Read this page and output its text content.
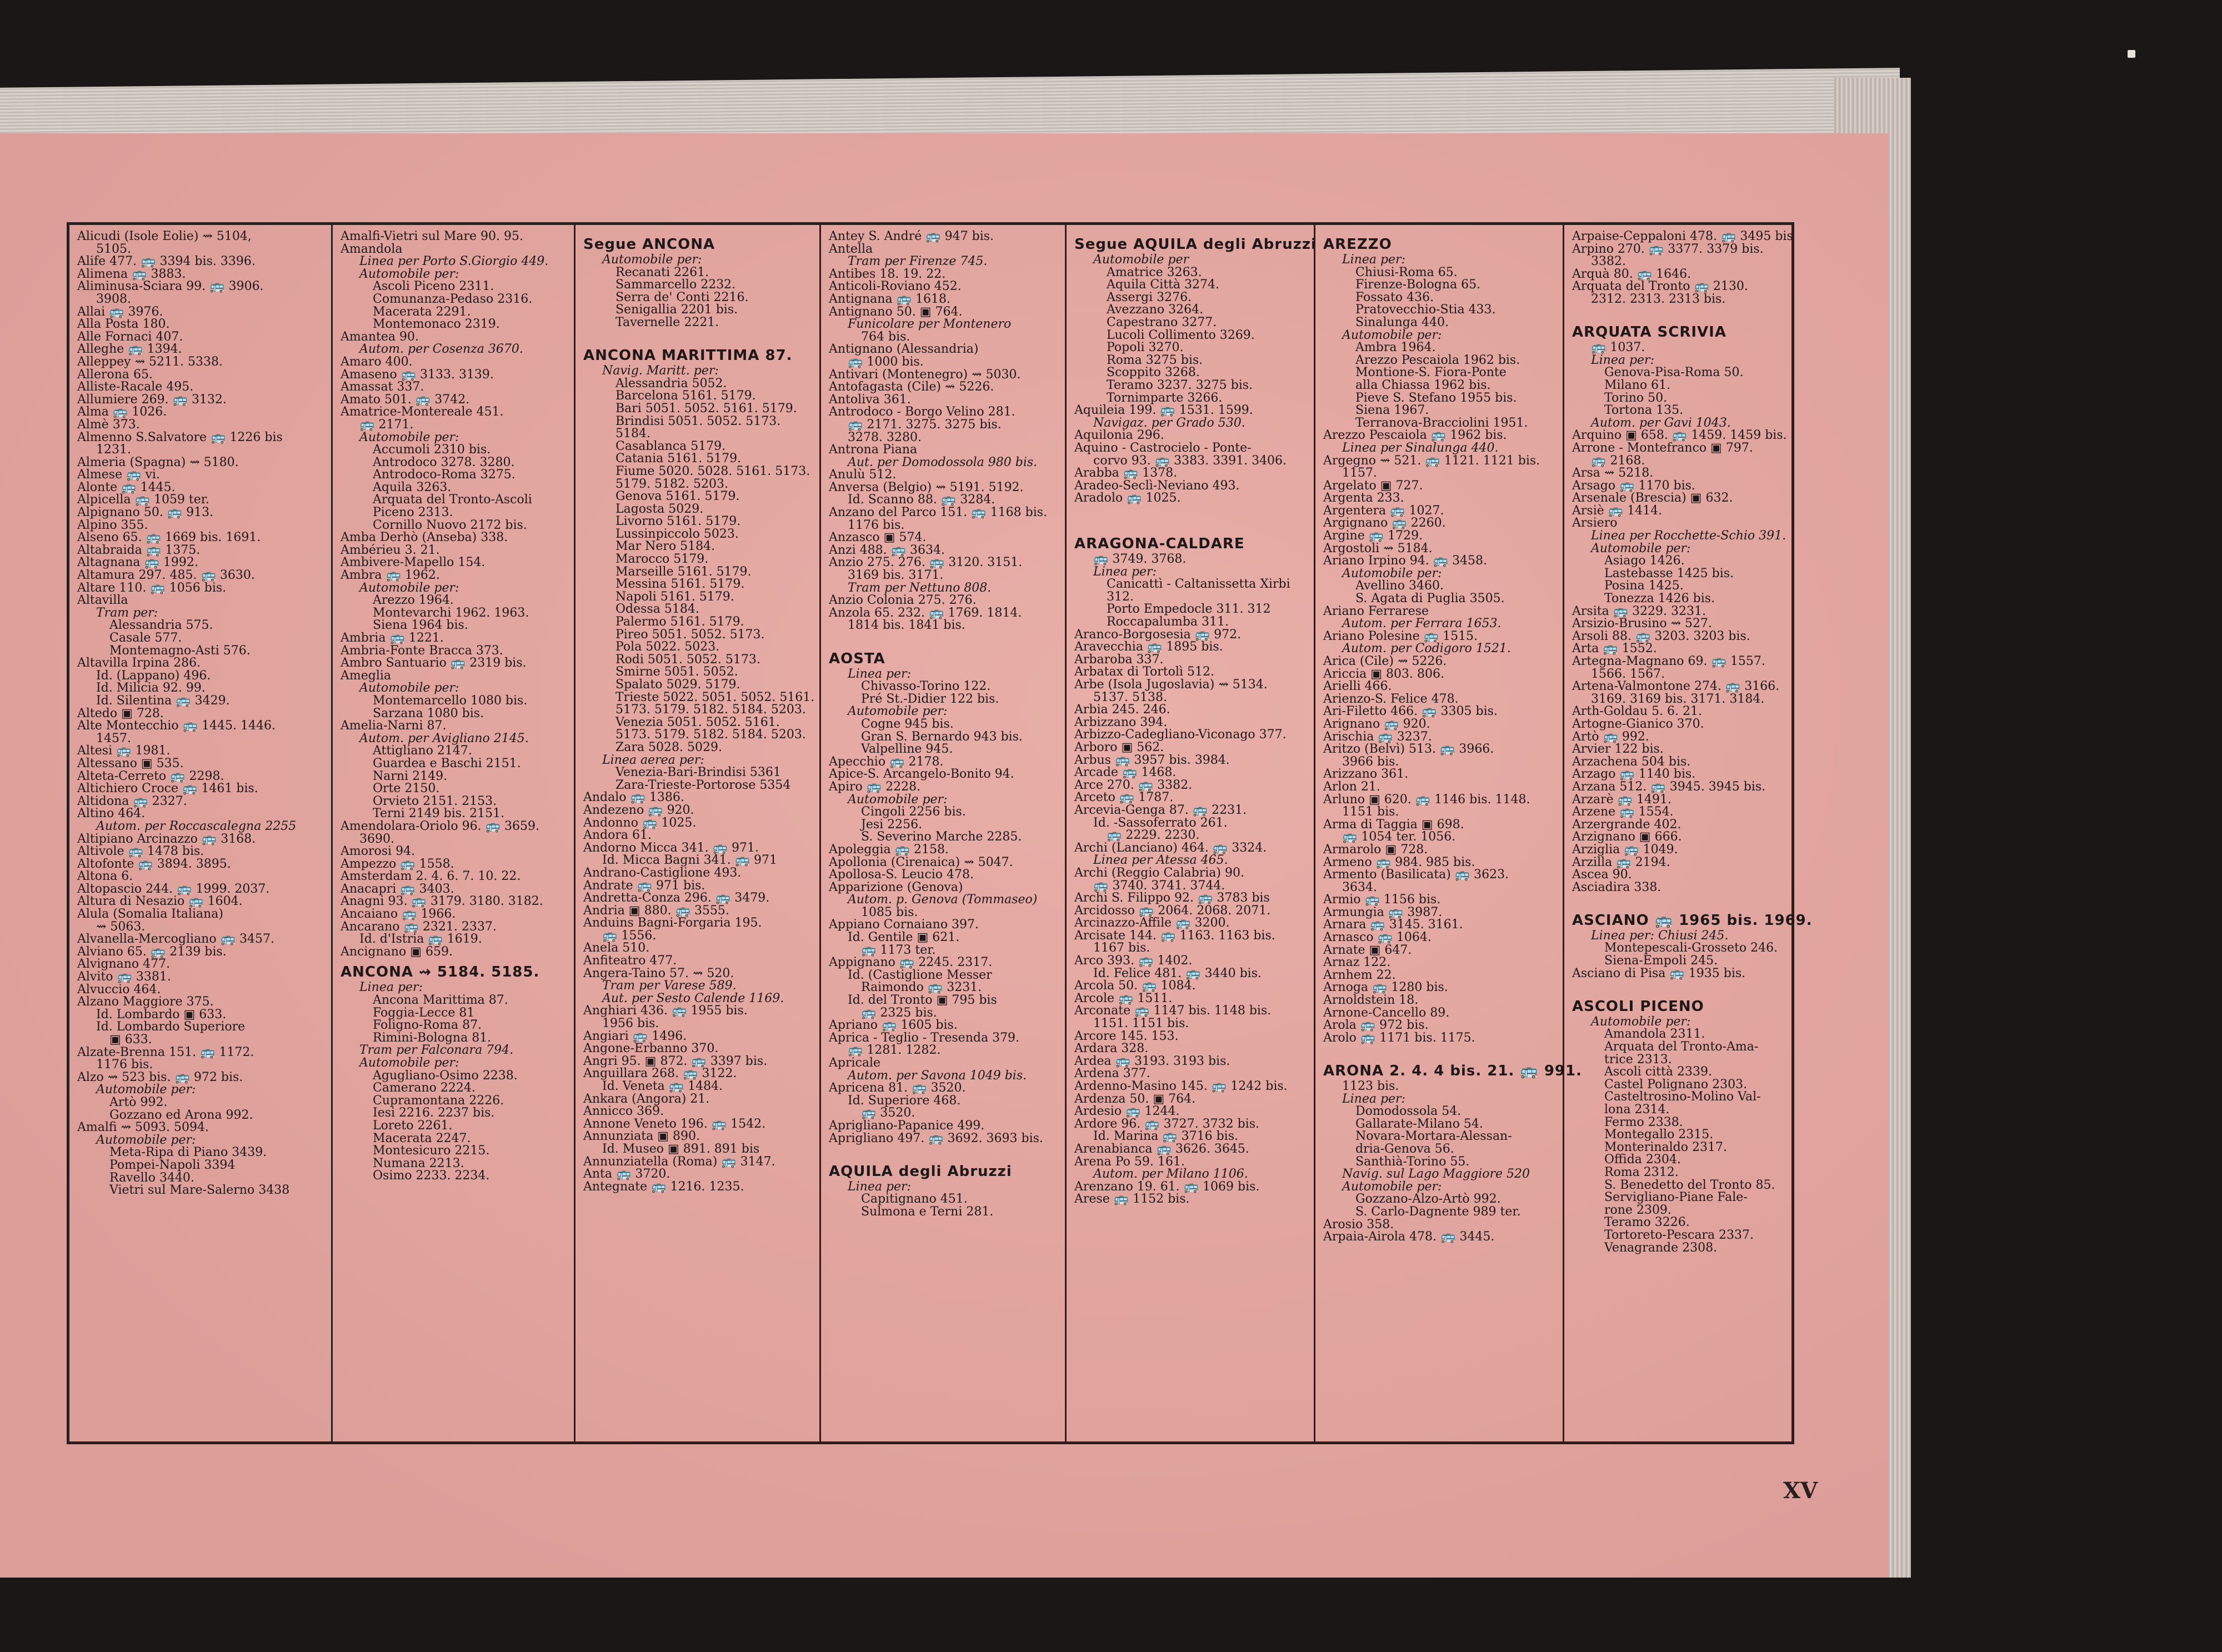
Alicudi (Isole Eolie) ⇝ 5104,
5105.
Alife 477. 🚌 3394 bis. 3396.
Alimena 🚌 3883.
Aliminusa-Sciara 99. 🚌 3906.
3908.
Allai 🚌 3976.
Alla Posta 180.
Alle Fornaci 407.
Alleghe 🚌 1394.
Alleppey ⇝ 5211. 5338.
Allerona 65.
Alliste-Racale 495.
Allumiere 269. 🚌 3132.
Alma 🚌 1026.
Almè 373.
Almenno S.Salvatore 🚌 1226 bis
1231.
Almeria (Spagna) ⇝ 5180.
Almese 🚌 vi.
Alonte 🚌 1445.
Alpicella 🚌 1059 ter.
Alpignano 50. 🚌 913.
Alpino 355.
Alseno 65. 🚌 1669 bis. 1691.
Altabraida 🚌 1375.
Altagnana 🚌 1992.
Altamura 297. 485. 🚌 3630.
Altare 110. 🚌 1056 bis.
Altavilla
Tram per:
Alessandria 575.
Casale 577.
Montemagno-Asti 576.
Altavilla Irpina 286.
Id. (Lappano) 496.
Id. Milicia 92. 99.
Id. Silentina 🚌 3429.
Altedo ▣ 728.
Alte Montecchio 🚌 1445. 1446.
1457.
Altesi 🚌 1981.
Altessano ▣ 535.
Alteta-Cerreto 🚌 2298.
Altichiero Croce 🚌 1461 bis.
Altidona 🚌 2327.
Altino 464.
Autom. per Roccascalegna 2255
Altipiano Arcinazzo 🚌 3168.
Altivole 🚌 1478 bis.
Altofonte 🚌 3894. 3895.
Altona 6.
Altopascio 244. 🚌 1999. 2037.
Altura di Nesazio 🚌 1604.
Alula (Somalia Italiana)
⇝ 5063.
Alvanella-Mercogliano 🚌 3457.
Alviano 65. 🚌 2139 bis.
Alvignano 477.
Alvito 🚌 3381.
Alvuccio 464.
Alzano Maggiore 375.
Id. Lombardo ▣ 633.
Id. Lombardo Superiore
▣ 633.
Alzate-Brenna 151. 🚌 1172.
1176 bis.
Alzo ⇝ 523 bis. 🚌 972 bis.
Automobile per:
Artò 992.
Gozzano ed Arona 992.
Amalfi ⇝ 5093. 5094.
Automobile per:
Meta-Ripa di Piano 3439.
Pompei-Napoli 3394
Ravello 3440.
Vietri sul Mare-Salerno 3438
Amalfi-Vietri sul Mare 90. 95.
Amandola
Linea per Porto S.Giorgio 449.
Automobile per:
Ascoli Piceno 2311.
Comunanza-Pedaso 2316.
Macerata 2291.
Montemonaco 2319.
Amantea 90.
Autom. per Cosenza 3670.
Amaro 400.
Amaseno 🚌 3133. 3139.
Amassat 337.
Amato 501. 🚌 3742.
Amatrice-Montereale 451.
🚌 2171.
Automobile per:
Accumoli 2310 bis.
Antrodoco 3278. 3280.
Antrodoco-Roma 3275.
Aquila 3263.
Arquata del Tronto-Ascoli
Piceno 2313.
Cornillo Nuovo 2172 bis.
Amba Derhò (Anseba) 338.
Ambérieu 3. 21.
Ambivere-Mapello 154.
Ambra 🚌 1962.
Automobile per:
Arezzo 1964.
Montevarchi 1962. 1963.
Siena 1964 bis.
Ambria 🚌 1221.
Ambria-Fonte Bracca 373.
Ambro Santuario 🚌 2319 bis.
Ameglia
Automobile per:
Montemarcello 1080 bis.
Sarzana 1080 bis.
Amelia-Narni 87.
Autom. per Avigliano 2145.
Attigliano 2147.
Guardea e Baschi 2151.
Narni 2149.
Orte 2150.
Orvieto 2151. 2153.
Terni 2149 bis. 2151.
Amendolara-Oriolo 96. 🚌 3659.
3690.
Amorosi 94.
Ampezzo 🚌 1558.
Amsterdam 2. 4. 6. 7. 10. 22.
Anacapri 🚌 3403.
Anagni 93. 🚌 3179. 3180. 3182.
Ancaiano 🚌 1966.
Ancarano 🚌 2321. 2337.
Id. d'Istria 🚌 1619.
Ancignano ▣ 659.
ANCONA ⇝ 5184. 5185.
Linea per:
Ancona Marittima 87.
Foggia-Lecce 81
Foligno-Roma 87.
Rimini-Bologna 81.
Tram per Falconara 794.
Automobile per:
Agugliano-Osimo 2238.
Camerano 2224.
Cupramontana 2226.
Iesi 2216. 2237 bis.
Loreto 2261.
Macerata 2247.
Montesicuro 2215.
Numana 2213.
Osimo 2233. 2234.
Segue ANCONA
Automobile per:
Recanati 2261.
Sammarcello 2232.
Serra de' Conti 2216.
Senigallia 2201 bis.
Tavernelle 2221.

ANCONA MARITTIMA 87.
Navig. Maritt. per:
Alessandria 5052.
Barcelona 5161. 5179.
Bari 5051. 5052. 5161. 5179.
Brindisi 5051. 5052. 5173.
5184.
Casablanca 5179.
Catania 5161. 5179.
Fiume 5020. 5028. 5161. 5173.
5179. 5182. 5203.
Genova 5161. 5179.
Lagosta 5029.
Livorno 5161. 5179.
Lussinpiccolo 5023.
Mar Nero 5184.
Marocco 5179.
Marseille 5161. 5179.
Messina 5161. 5179.
Napoli 5161. 5179.
Odessa 5184.
Palermo 5161. 5179.
Pireo 5051. 5052. 5173.
Pola 5022. 5023.
Rodi 5051. 5052. 5173.
Smirne 5051. 5052.
Spalato 5029. 5179.
Trieste 5022. 5051. 5052. 5161.
5173. 5179. 5182. 5184. 5203.
Venezia 5051. 5052. 5161.
5173. 5179. 5182. 5184. 5203.
Zara 5028. 5029.
Linea aerea per:
Venezia-Bari-Brindisi 5361
Zara-Trieste-Portorose 5354
Andalo 🚌 1386.
Andezeno 🚌 920.
Andonno 🚌 1025.
Andora 61.
Andorno Micca 341. 🚌 971.
Id. Micca Bagni 341. 🚌 971
Andrano-Castiglione 493.
Andrate 🚌 971 bis.
Andretta-Conza 296. 🚌 3479.
Andria ▣ 880. 🚌 3555.
Anduins Bagni-Forgaria 195.
🚌 1556.
Anela 510.
Anfiteatro 477.
Angera-Taino 57. ⇝ 520.
Tram per Varese 589.
Aut. per Sesto Calende 1169.
Anghiari 436. 🚌 1955 bis.
1956 bis.
Angiari 🚌 1496.
Angone-Erbanno 370.
Angri 95. ▣ 872. 🚌 3397 bis.
Anguillara 268. 🚌 3122.
Id. Veneta 🚌 1484.
Ankara (Angora) 21.
Annicco 369.
Annone Veneto 196. 🚌 1542.
Annunziata ▣ 890.
Id. Museo ▣ 891. 891 bis
Annunziatella (Roma) 🚌 3147.
Anta 🚌 3720.
Antegnate 🚌 1216. 1235.
Antey S. André 🚌 947 bis.
Antella
Tram per Firenze 745.
Antibes 18. 19. 22.
Anticoli-Roviano 452.
Antignana 🚌 1618.
Antignano 50. ▣ 764.
Funicolare per Montenero
764 bis.
Antignano (Alessandria)
🚌 1000 bis.
Antivari (Montenegro) ⇝ 5030.
Antofagasta (Cile) ⇝ 5226.
Antoliva 361.
Antrodoco - Borgo Velino 281.
🚌 2171. 3275. 3275 bis.
3278. 3280.
Antrona Piana
Aut. per Domodossola 980 bis.
Anulù 512.
Anversa (Belgio) ⇝ 5191. 5192.
Id. Scanno 88. 🚌 3284.
Anzano del Parco 151. 🚌 1168 bis.
1176 bis.
Anzasco ▣ 574.
Anzi 488. 🚌 3634.
Anzio 275. 276. 🚌 3120. 3151.
3169 bis. 3171.
Tram per Nettuno 808.
Anzio Colonia 275. 276.
Anzola 65. 232. 🚌 1769. 1814.
1814 bis. 1841 bis.

AOSTA
Linea per:
Chivasso-Torino 122.
Pré St.-Didier 122 bis.
Automobile per:
Cogne 945 bis.
Gran S. Bernardo 943 bis.
Valpelline 945.
Apecchio 🚌 2178.
Apice-S. Arcangelo-Bonito 94.
Apiro 🚌 2228.
Automobile per:
Cingoli 2256 bis.
Jesi 2256.
S. Severino Marche 2285.
Apoleggia 🚌 2158.
Apollonia (Cirenaica) ⇝ 5047.
Apollosa-S. Leucio 478.
Apparizione (Genova)
Autom. p. Genova (Tommaseo)
1085 bis.
Appiano Cornaiano 397.
Id. Gentile ▣ 621.
🚌 1173 ter.
Appignano 🚌 2245. 2317.
Id. (Castiglione Messer
Raimondo 🚌 3231.
Id. del Tronto ▣ 795 bis
🚌 2325 bis.
Apriano 🚌 1605 bis.
Aprica - Teglio - Tresenda 379.
🚌 1281. 1282.
Apricale
Autom. per Savona 1049 bis.
Apricena 81. 🚌 3520.
Id. Superiore 468.
🚌 3520.
Aprigliano-Papanice 499.
Aprigliano 497. 🚌 3692. 3693 bis.

AQUILA degli Abruzzi
Linea per:
Capitignano 451.
Sulmona e Terni 281.
Segue AQUILA degli Abruzzi
Automobile per
Amatrice 3263.
Aquila Città 3274.
Assergi 3276.
Avezzano 3264.
Capestrano 3277.
Lucoli Collimento 3269.
Popoli 3270.
Roma 3275 bis.
Scoppito 3268.
Teramo 3237. 3275 bis.
Tornimparte 3266.
Aquileia 199. 🚌 1531. 1599.
Navigaz. per Grado 530.
Aquilonia 296.
Aquino - Castrocielo - Ponte-
corvo 93. 🚌 3383. 3391. 3406.
Arabba 🚌 1378.
Aradeo-Seclì-Neviano 493.
Aradolo 🚌 1025.

ARAGONA-CALDARE
🚌 3749. 3768.
Linea per:
Canicattì - Caltanissetta Xirbi
312.
Porto Empedocle 311. 312
Roccapalumba 311.
Aranco-Borgosesia 🚌 972.
Aravecchia 🚌 1895 bis.
Arbaroba 337.
Arbatax di Tortolì 512.
Arbe (Isola Jugoslavia) ⇝ 5134.
5137. 5138.
Arbia 245. 246.
Arbizzano 394.
Arbizzo-Cadegliano-Viconago 377.
Arboro ▣ 562.
Arbus 🚌 3957 bis. 3984.
Arcade 🚌 1468.
Arce 270. 🚌 3382.
Arceto 🚌 1787.
Arcevia-Genga 87. 🚌 2231.
Id. -Sassoferrato 261.
🚌 2229. 2230.
Archi (Lanciano) 464. 🚌 3324.
Linea per Atessa 465.
Archi (Reggio Calabria) 90.
🚌 3740. 3741. 3744.
Archi S. Filippo 92. 🚌 3783 bis
Arcidosso 🚌 2064. 2068. 2071.
Arcinazzo-Affile 🚌 3200.
Arcisate 144. 🚌 1163. 1163 bis.
1167 bis.
Arco 393. 🚌 1402.
Id. Felice 481. 🚌 3440 bis.
Arcola 50. 🚌 1084.
Arcole 🚌 1511.
Arconate 🚌 1147 bis. 1148 bis.
1151. 1151 bis.
Arcore 145. 153.
Ardara 328.
Ardea 🚌 3193. 3193 bis.
Ardena 377.
Ardenno-Masino 145. 🚌 1242 bis.
Ardenza 50. ▣ 764.
Ardesio 🚌 1244.
Ardore 96. 🚌 3727. 3732 bis.
Id. Marina 🚌 3716 bis.
Arenabianca 🚌 3626. 3645.
Arena Po 59. 161.
Autom. per Milano 1106.
Arenzano 19. 61. 🚌 1069 bis.
Arese 🚌 1152 bis.
AREZZO
Linea per:
Chiusi-Roma 65.
Firenze-Bologna 65.
Fossato 436.
Pratovecchio-Stia 433.
Sinalunga 440.
Automobile per:
Ambra 1964.
Arezzo Pescaiola 1962 bis.
Montione-S. Fiora-Ponte
alla Chiassa 1962 bis.
Pieve S. Stefano 1955 bis.
Siena 1967.
Terranova-Bracciolini 1951.
Arezzo Pescaiola 🚌 1962 bis.
Linea per Sinalunga 440.
Argegno ⇝ 521. 🚌 1121. 1121 bis.
1157.
Argelato ▣ 727.
Argenta 233.
Argentera 🚌 1027.
Argignano 🚌 2260.
Argine 🚌 1729.
Argostoli ⇝ 5184.
Ariano Irpino 94. 🚌 3458.
Automobile per:
Avellino 3460.
S. Agata di Puglia 3505.
Ariano Ferrarese
Autom. per Ferrara 1653.
Ariano Polesine 🚌 1515.
Autom. per Codigoro 1521.
Arica (Cile) ⇝ 5226.
Ariccia ▣ 803. 806.
Arielli 466.
Arienzo-S. Felice 478.
Ari-Filetto 466. 🚌 3305 bis.
Arignano 🚌 920.
Arischia 🚌 3237.
Aritzo (Belvì) 513. 🚌 3966.
3966 bis.
Arizzano 361.
Arlon 21.
Arluno ▣ 620. 🚌 1146 bis. 1148.
1151 bis.
Arma di Taggia ▣ 698.
🚌 1054 ter. 1056.
Armarolo ▣ 728.
Armeno 🚌 984. 985 bis.
Armento (Basilicata) 🚌 3623.
3634.
Armio 🚌 1156 bis.
Armungia 🚌 3987.
Arnara 🚌 3145. 3161.
Arnasco 🚌 1064.
Arnate ▣ 647.
Arnaz 122.
Arnhem 22.
Arnoga 🚌 1280 bis.
Arnoldstein 18.
Arnone-Cancello 89.
Arola 🚌 972 bis.
Arolo 🚌 1171 bis. 1175.

ARONA 2. 4. 4 bis. 21. 🚌 991.
1123 bis.
Linea per:
Domodossola 54.
Gallarate-Milano 54.
Novara-Mortara-Alessan-
dria-Genova 56.
Santhià-Torino 55.
Navig. sul Lago Maggiore 520
Automobile per:
Gozzano-Alzo-Artò 992.
S. Carlo-Dagnente 989 ter.
Arosio 358.
Arpaia-Airola 478. 🚌 3445.
Arpaise-Ceppaloni 478. 🚌 3495 bis
Arpino 270. 🚌 3377. 3379 bis.
3382.
Arquà 80. 🚌 1646.
Arquata del Tronto 🚌 2130.
2312. 2313. 2313 bis.

ARQUATA SCRIVIA
🚌 1037.
Linea per:
Genova-Pisa-Roma 50.
Milano 61.
Torino 50.
Tortona 135.
Autom. per Gavi 1043.
Arquino ▣ 658. 🚌 1459. 1459 bis.
Arrone - Montefranco ▣ 797.
🚌 2168.
Arsa ⇝ 5218.
Arsago 🚌 1170 bis.
Arsenale (Brescia) ▣ 632.
Arsiè 🚌 1414.
Arsiero
Linea per Rocchette-Schio 391.
Automobile per:
Asiago 1426.
Lastebasse 1425 bis.
Posina 1425.
Tonezza 1426 bis.
Arsita 🚌 3229. 3231.
Arsizio-Brusino ⇝ 527.
Arsoli 88. 🚌 3203. 3203 bis.
Arta 🚌 1552.
Artegna-Magnano 69. 🚌 1557.
1566. 1567.
Artena-Valmontone 274. 🚌 3166.
3169. 3169 bis. 3171. 3184.
Arth-Goldau 5. 6. 21.
Artogne-Gianico 370.
Artò 🚌 992.
Arvier 122 bis.
Arzachena 504 bis.
Arzago 🚌 1140 bis.
Arzana 512. 🚌 3945. 3945 bis.
Arzarè 🚌 1491.
Arzene 🚌 1554.
Arzergrande 402.
Arzignano ▣ 666.
Arziglia 🚌 1049.
Arzilla 🚌 2194.
Ascea 90.
Asciadira 338.

ASCIANO 🚌 1965 bis. 1969.
Linea per: Chiusi 245.
Montepescali-Grosseto 246.
Siena-Empoli 245.
Asciano di Pisa 🚌 1935 bis.

ASCOLI PICENO
Automobile per:
Amandola 2311.
Arquata del Tronto-Ama-
trice 2313.
Ascoli città 2339.
Castel Polignano 2303.
Casteltrosino-Molino Val-
lona 2314.
Fermo 2338.
Montegallo 2315.
Monterinaldo 2317.
Offida 2304.
Roma 2312.
S. Benedetto del Tronto 85.
Servigliano-Piane Fale-
rone 2309.
Teramo 3226.
Tortoreto-Pescara 2337.
Venagrande 2308.
XV
